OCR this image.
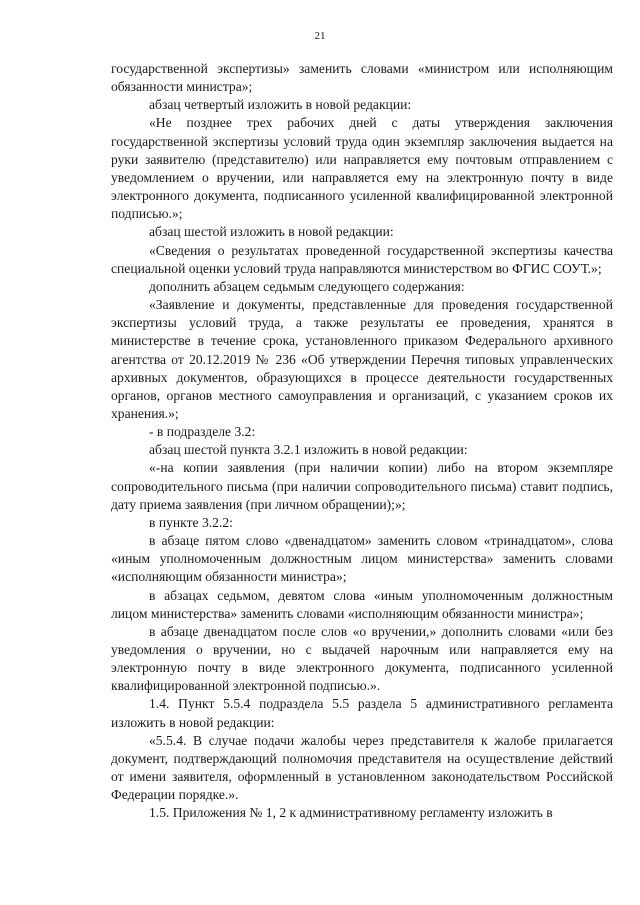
21

государственной экспертизы» заменить словами «министром или исполняющим обязанности министра»;

абзац четвертый изложить в новой редакции:

«Не позднее трех рабочих дней с даты утверждения заключения государственной экспертизы условий труда один экземпляр заключения выдается на руки заявителю (представителю) или направляется ему почтовым отправлением с уведомлением о вручении, или направляется ему на электронную почту в виде электронного документа, подписанного усиленной квалифицированной электронной подписью.»;

абзац шестой изложить в новой редакции:

«Сведения о результатах проведенной государственной экспертизы качества специальной оценки условий труда направляются министерством во ФГИС СОУТ.»;

дополнить абзацем седьмым следующего содержания:

«Заявление и документы, представленные для проведения государственной экспертизы условий труда, а также результаты ее проведения, хранятся в министерстве в течение срока, установленного приказом Федерального архивного агентства от 20.12.2019 № 236 «Об утверждении Перечня типовых управленческих архивных документов, образующихся в процессе деятельности государственных органов, органов местного самоуправления и организаций, с указанием сроков их хранения.»;

- в подразделе 3.2:

абзац шестой пункта 3.2.1 изложить в новой редакции:

«-на копии заявления (при наличии копии) либо на втором экземпляре сопроводительного письма (при наличии сопроводительного письма) ставит подпись, дату приема заявления (при личном обращении);»;

в пункте 3.2.2:

в абзаце пятом слово «двенадцатом» заменить словом «тринадцатом», слова «иным уполномоченным должностным лицом министерства» заменить словами «исполняющим обязанности министра»;

в абзацах седьмом, девятом слова «иным уполномоченным должностным лицом министерства» заменить словами «исполняющим обязанности министра»;

в абзаце двенадцатом после слов «о вручении,» дополнить словами «или без уведомления о вручении, но с выдачей нарочным или направляется ему на электронную почту в виде электронного документа, подписанного усиленной квалифицированной электронной подписью.».

1.4. Пункт 5.5.4 подраздела 5.5 раздела 5 административного регламента изложить в новой редакции:

«5.5.4. В случае подачи жалобы через представителя к жалобе прилагается документ, подтверждающий полномочия представителя на осуществление действий от имени заявителя, оформленный в установленном законодательством Российской Федерации порядке.».

1.5. Приложения № 1, 2 к административному регламенту изложить в
